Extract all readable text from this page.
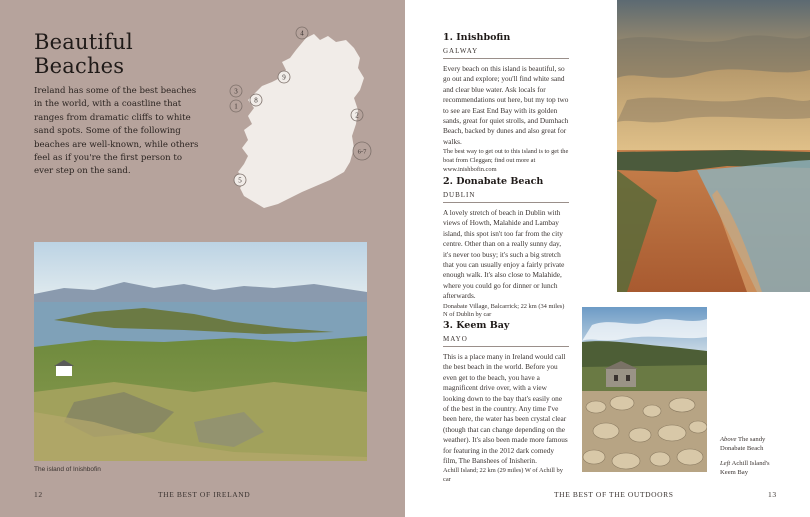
Beautiful
Beaches

Ireland has some of the best beaches in the world, with a coastline that ranges from dramatic cliffs to white sand spots. Some of the following beaches are well-known, while others feel as if you're the first person to ever step on the sand.

4
9
3
8
1
2
6-7
5
The island of Inishbofin
12	THE BEST OF IRELAND
1. Inishbofin
GALWAY

Every beach on this island is beautiful, so go out and explore; you'll find white sand and clear blue water. Ask locals for recommendations out here, but my top two to see are East End Bay with its golden sands, great for quiet strolls, and Dumhach Beach, backed by dunes and also great for walks.

The best way to get out to this island is to get the boat from Cleggan; find out more at www.inishbofin.com

2. Donabate Beach
DUBLIN

A lovely stretch of beach in Dublin with views of Howth, Malahide and Lambay island, this spot isn't too far from the city centre. Other than on a really sunny day, it's never too busy; it's such a big stretch that you can usually enjoy a fairly private enough walk. It's also close to Malahide, where you could go for dinner or lunch afterwards.

Donabate Village, Balcarrick; 22 km (34 miles) N of Dublin by car

3. Keem Bay
MAYO

This is a place many in Ireland would call the best beach in the world. Before you even get to the beach, you have a magnificent drive over, with a view looking down to the bay that's easily one of the best in the country. Any time I've been here, the water has been crystal clear (though that can change depending on the weather). It's also been made more famous for featuring in the 2012 dark comedy film, The Banshees of Inisherin.

Achill Island; 22 km (29 miles) W of Achill by car

Above The sandy Donabate Beach
Left Achill Island's Keem Bay
THE BEST OF THE OUTDOORS	13
